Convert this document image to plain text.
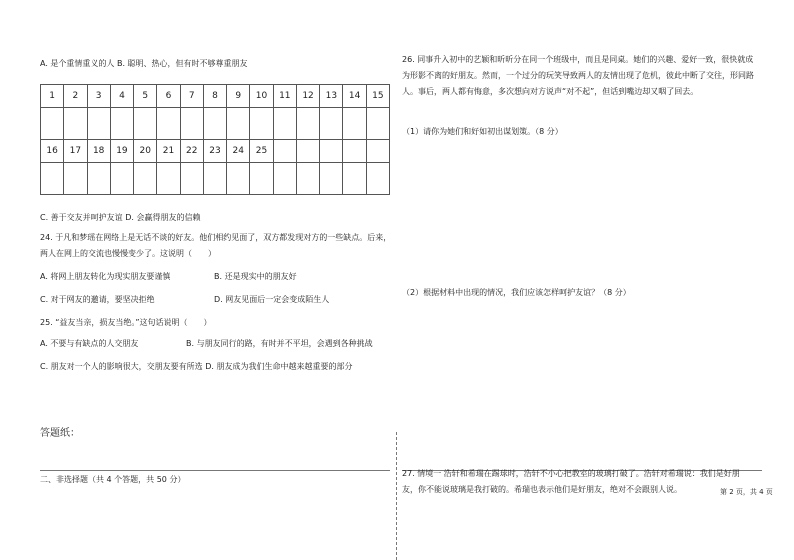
A. 是个重情重义的人 B. 聪明、热心，但有时不够尊重朋友
1	2	3	4	5	6	7	8	9	10	11	12	13	14	15

16	17	18	19	20	21	22	23	24	25					

C. 善于交友并呵护友谊 D. 会赢得朋友的信赖
24. 于凡和梦瑶在网络上是无话不谈的好友。他们相约见面了，双方都发现对方的一些缺点。后来，两人在网上的交流也慢慢变少了。这说明（　　）
A. 将网上朋友转化为现实朋友要谨慎	B. 还是现实中的朋友好
C. 对于网友的邀请，要坚决拒绝	D. 网友见面后一定会变成陌生人
25. “益友当亲，损友当绝。”这句话说明（　　）
A. 不要与有缺点的人交朋友	B. 与朋友同行的路，有时并不平坦，会遇到各种挑战
C. 朋友对一个人的影响很大，交朋友要有所选 D. 朋友成为我们生命中越来越重要的部分
答题纸：
二、非选择题（共 4 个答题，共 50 分）
26. 同事升入初中的艺颖和昕昕分在同一个班级中，而且是同桌。她们的兴趣、爱好一致，很快就成为形影不离的好朋友。然而，一个过分的玩笑导致两人的友情出现了危机，彼此中断了交往，形同路人。事后，两人都有悔意，多次想向对方说声“对不起”，但话到嘴边却又咽了回去。
（1）请你为她们和好如初出谋划策。（8 分）
（2）根据材料中出现的情况，我们应该怎样呵护友谊？（8 分）
27. 情境一 浩轩和希瑞在踢球时，浩轩不小心把教室的玻璃打破了。浩轩对希瑞说：我们是好朋友，你不能说玻璃是我打破的。希瑞也表示他们是好朋友，绝对不会跟别人说。	第 2 页，共 4 页
